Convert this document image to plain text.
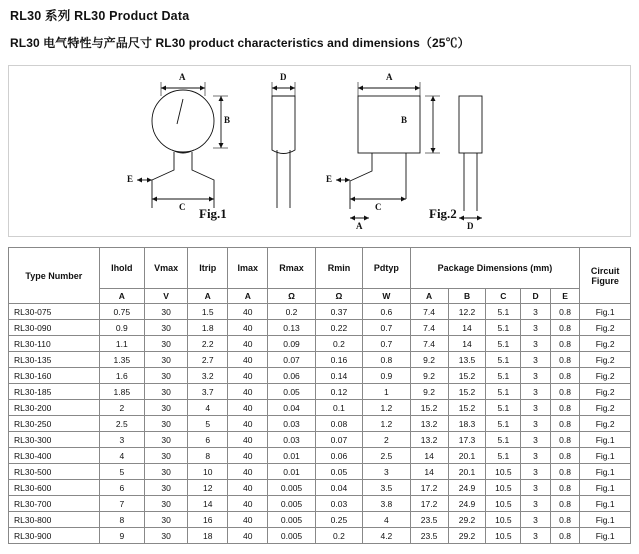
RL30 系列 RL30 Product Data
RL30 电气特性与产品尺寸 RL30 product characteristics and dimensions（25℃）
A
B
C
E
D	A
B
C
E
A	D
Fig.1	Fig.2
Type Number	Ihold	Vmax	Itrip	Imax	Rmax	Rmin	Pdtyp	Package Dimensions (mm)					Circuit Figure
	A	V	A	A	Ω	Ω	W	A	B	C	D	E	
RL30-075	0.75	30	1.5	40	0.2	0.37	0.6	7.4	12.2	5.1	3	0.8	Fig.1
RL30-090	0.9	30	1.8	40	0.13	0.22	0.7	7.4	14	5.1	3	0.8	Fig.2
RL30-110	1.1	30	2.2	40	0.09	0.2	0.7	7.4	14	5.1	3	0.8	Fig.2
RL30-135	1.35	30	2.7	40	0.07	0.16	0.8	9.2	13.5	5.1	3	0.8	Fig.2
RL30-160	1.6	30	3.2	40	0.06	0.14	0.9	9.2	15.2	5.1	3	0.8	Fig.2
RL30-185	1.85	30	3.7	40	0.05	0.12	1	9.2	15.2	5.1	3	0.8	Fig.2
RL30-200	2	30	4	40	0.04	0.1	1.2	15.2	15.2	5.1	3	0.8	Fig.2
RL30-250	2.5	30	5	40	0.03	0.08	1.2	13.2	18.3	5.1	3	0.8	Fig.2
RL30-300	3	30	6	40	0.03	0.07	2	13.2	17.3	5.1	3	0.8	Fig.1
RL30-400	4	30	8	40	0.01	0.06	2.5	14	20.1	5.1	3	0.8	Fig.1
RL30-500	5	30	10	40	0.01	0.05	3	14	20.1	10.5	3	0.8	Fig.1
RL30-600	6	30	12	40	0.005	0.04	3.5	17.2	24.9	10.5	3	0.8	Fig.1
RL30-700	7	30	14	40	0.005	0.03	3.8	17.2	24.9	10.5	3	0.8	Fig.1
RL30-800	8	30	16	40	0.005	0.25	4	23.5	29.2	10.5	3	0.8	Fig.1
RL30-900	9	30	18	40	0.005	0.2	4.2	23.5	29.2	10.5	3	0.8	Fig.1
